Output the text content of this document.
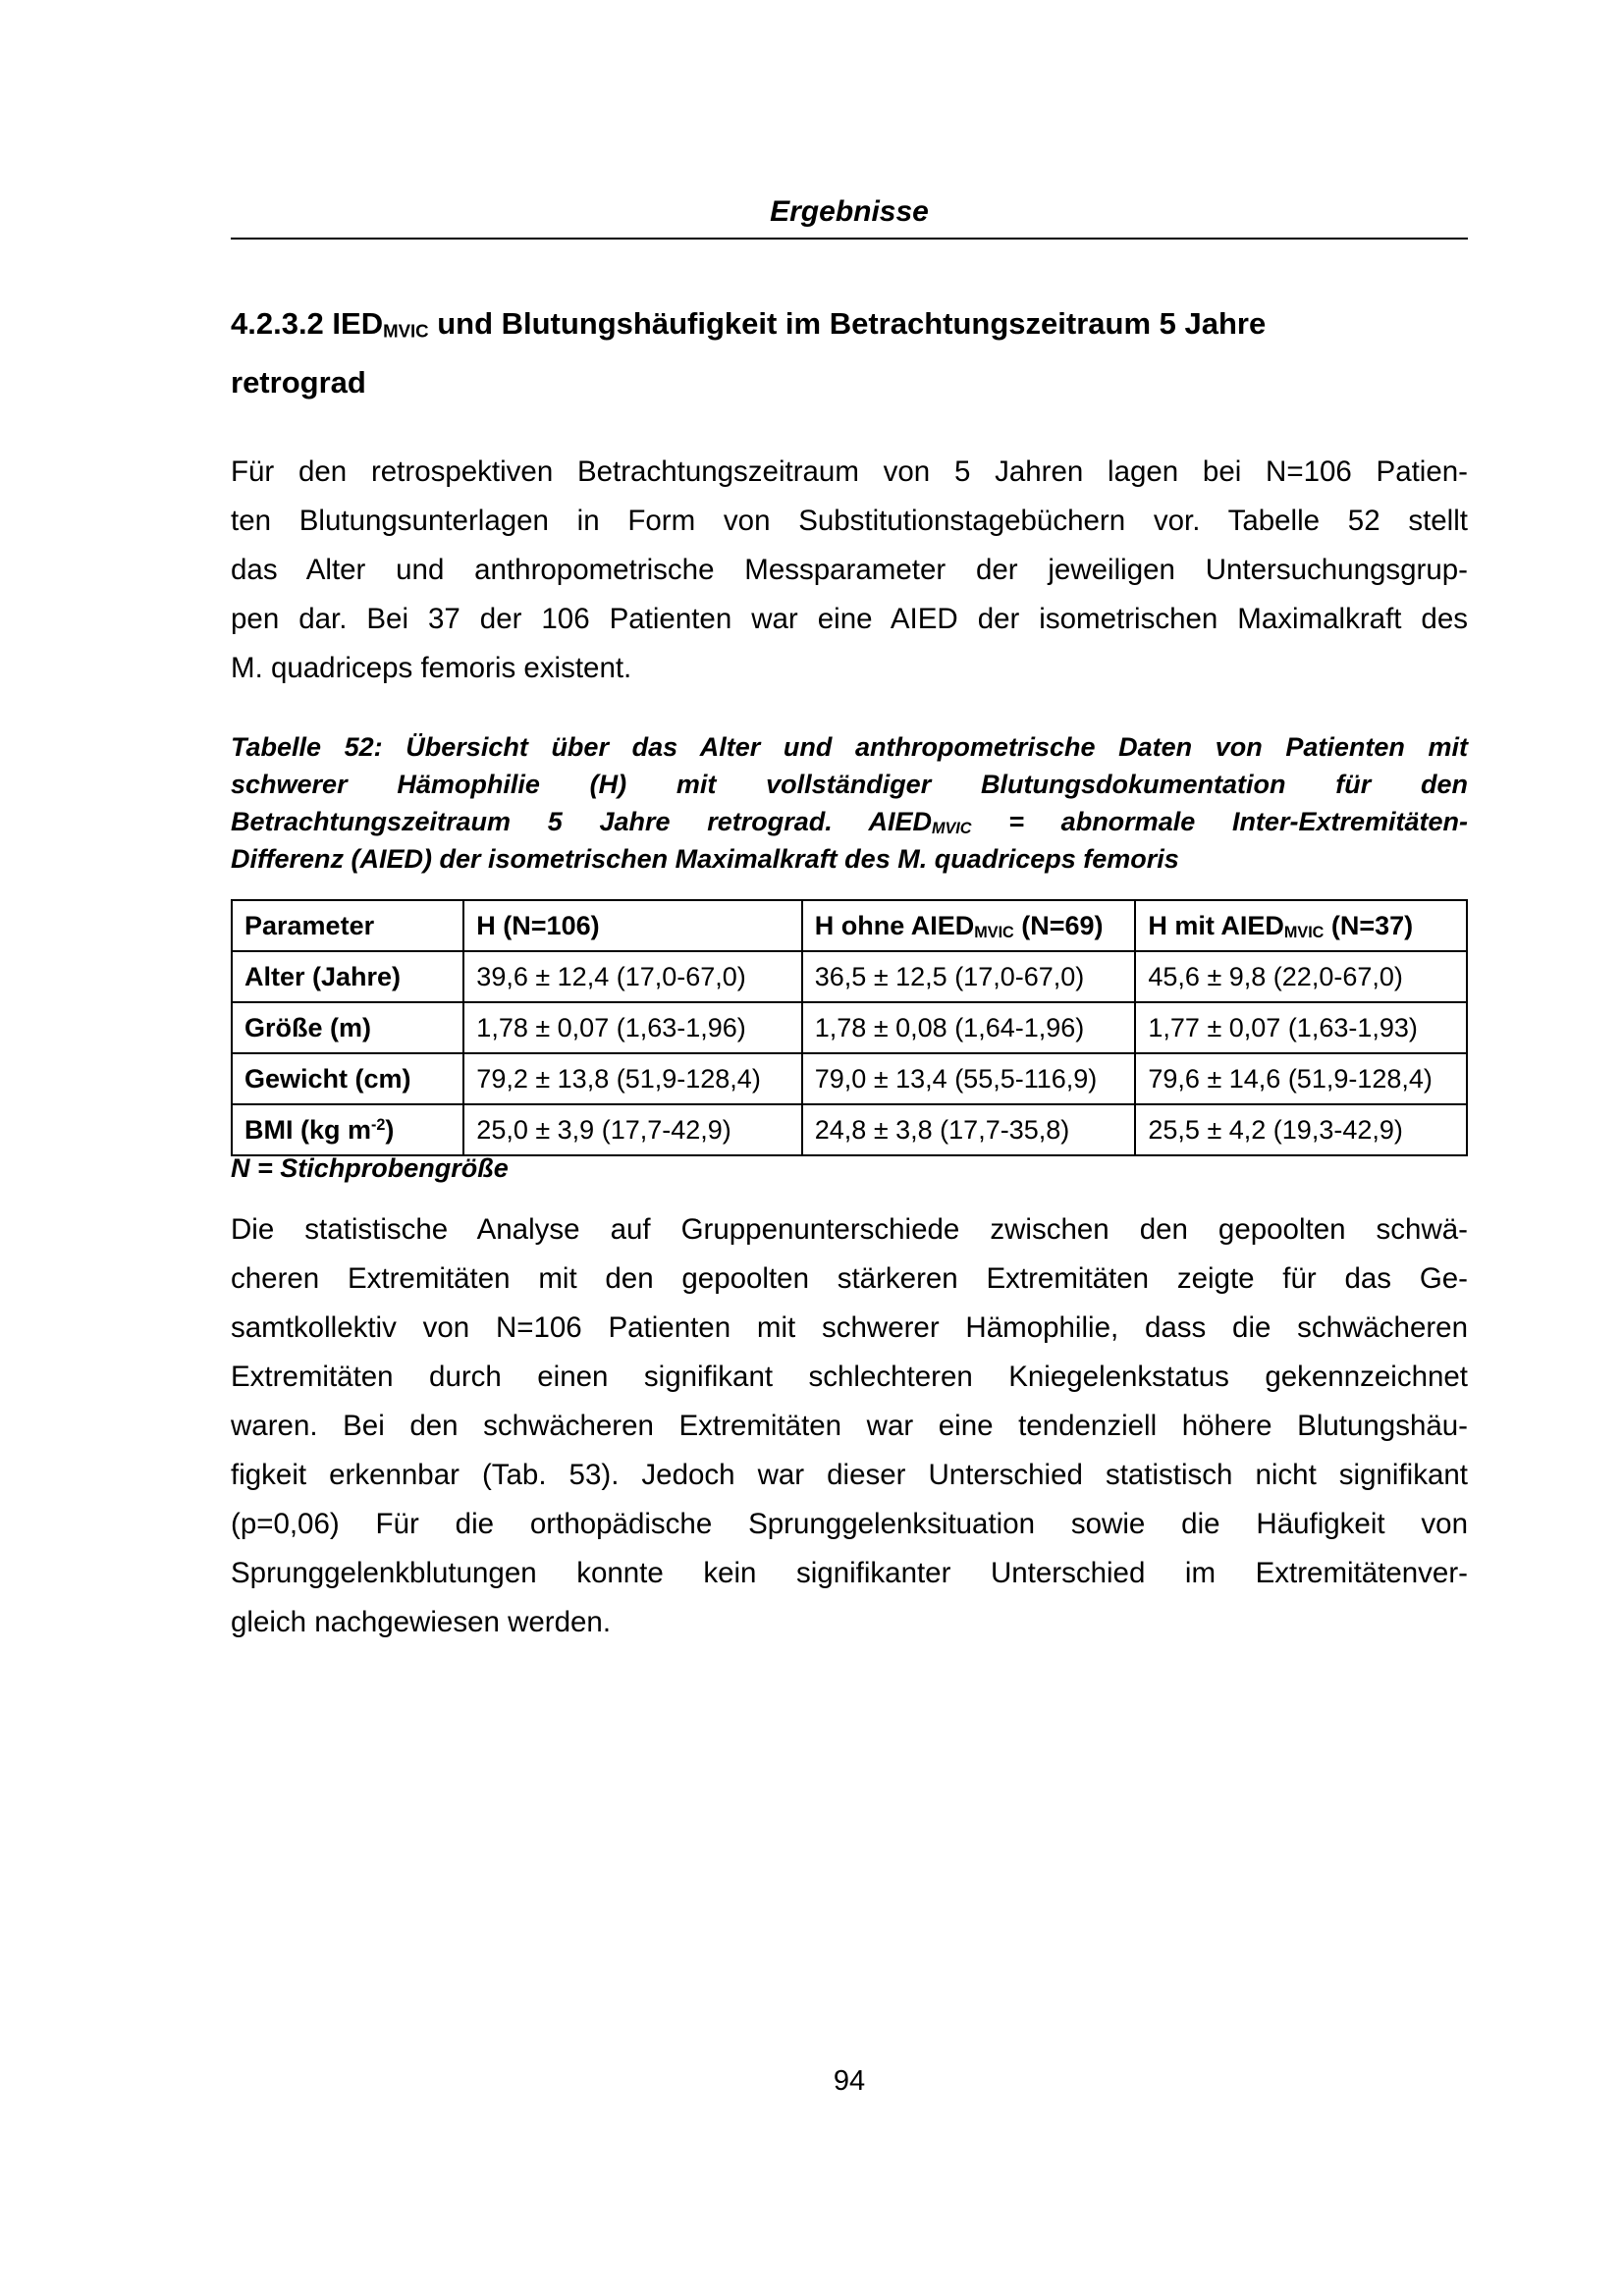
Ergebnisse
4.2.3.2 $IED_{MVIC}$ und Blutungshäufigkeit im Betrachtungszeitraum 5 Jahre
retrograd
Für den retrospektiven Betrachtungszeitraum von 5 Jahren lagen bei N=106 Patien-
ten Blutungsunterlagen in Form von Substitutionstagebüchern vor. Tabelle 52 stellt
das Alter und anthropometrische Messparameter der jeweiligen Untersuchungsgrup-
pen dar. Bei 37 der 106 Patienten war eine AIED der isometrischen Maximalkraft des
M. quadriceps femoris existent.
Tabelle 52: Übersicht über das Alter und anthropometrische Daten von Patienten mit
schwerer Hämophilie (H) mit vollständiger Blutungsdokumentation für den
Betrachtungszeitraum 5 Jahre retrograd. $AIED_{MVIC}$ = abnormale Inter-Extremitäten-
Differenz (AIED) der isometrischen Maximalkraft des M. quadriceps femoris
Parameter	H (N=106)	H ohne $AIED_{MVIC}$ (N=69)	H mit $AIED_{MVIC}$ (N=37)
Alter (Jahre)	39,6 ± 12,4 (17,0-67,0)	36,5 ± 12,5 (17,0-67,0)	45,6 ± 9,8 (22,0-67,0)
Größe (m)	1,78 ± 0,07 (1,63-1,96)	1,78 ± 0,08 (1,64-1,96)	1,77 ± 0,07 (1,63-1,93)
Gewicht (cm)	79,2 ± 13,8 (51,9-128,4)	79,0 ± 13,4 (55,5-116,9)	79,6 ± 14,6 (51,9-128,4)
BMI (kg $m^{-2}$)	25,0 ± 3,9 (17,7-42,9)	24,8 ± 3,8 (17,7-35,8)	25,5 ± 4,2 (19,3-42,9)
N = Stichprobengröße
Die statistische Analyse auf Gruppenunterschiede zwischen den gepoolten schwä-
cheren Extremitäten mit den gepoolten stärkeren Extremitäten zeigte für das Ge-
samtkollektiv von N=106 Patienten mit schwerer Hämophilie, dass die schwächeren
Extremitäten durch einen signifikant schlechteren Kniegelenkstatus gekennzeichnet
waren. Bei den schwächeren Extremitäten war eine tendenziell höhere Blutungshäu-
figkeit erkennbar (Tab. 53). Jedoch war dieser Unterschied statistisch nicht signifikant
(p=0,06) Für die orthopädische Sprunggelenksituation sowie die Häufigkeit von
Sprunggelenkblutungen konnte kein signifikanter Unterschied im Extremitätenver-
gleich nachgewiesen werden.
94
